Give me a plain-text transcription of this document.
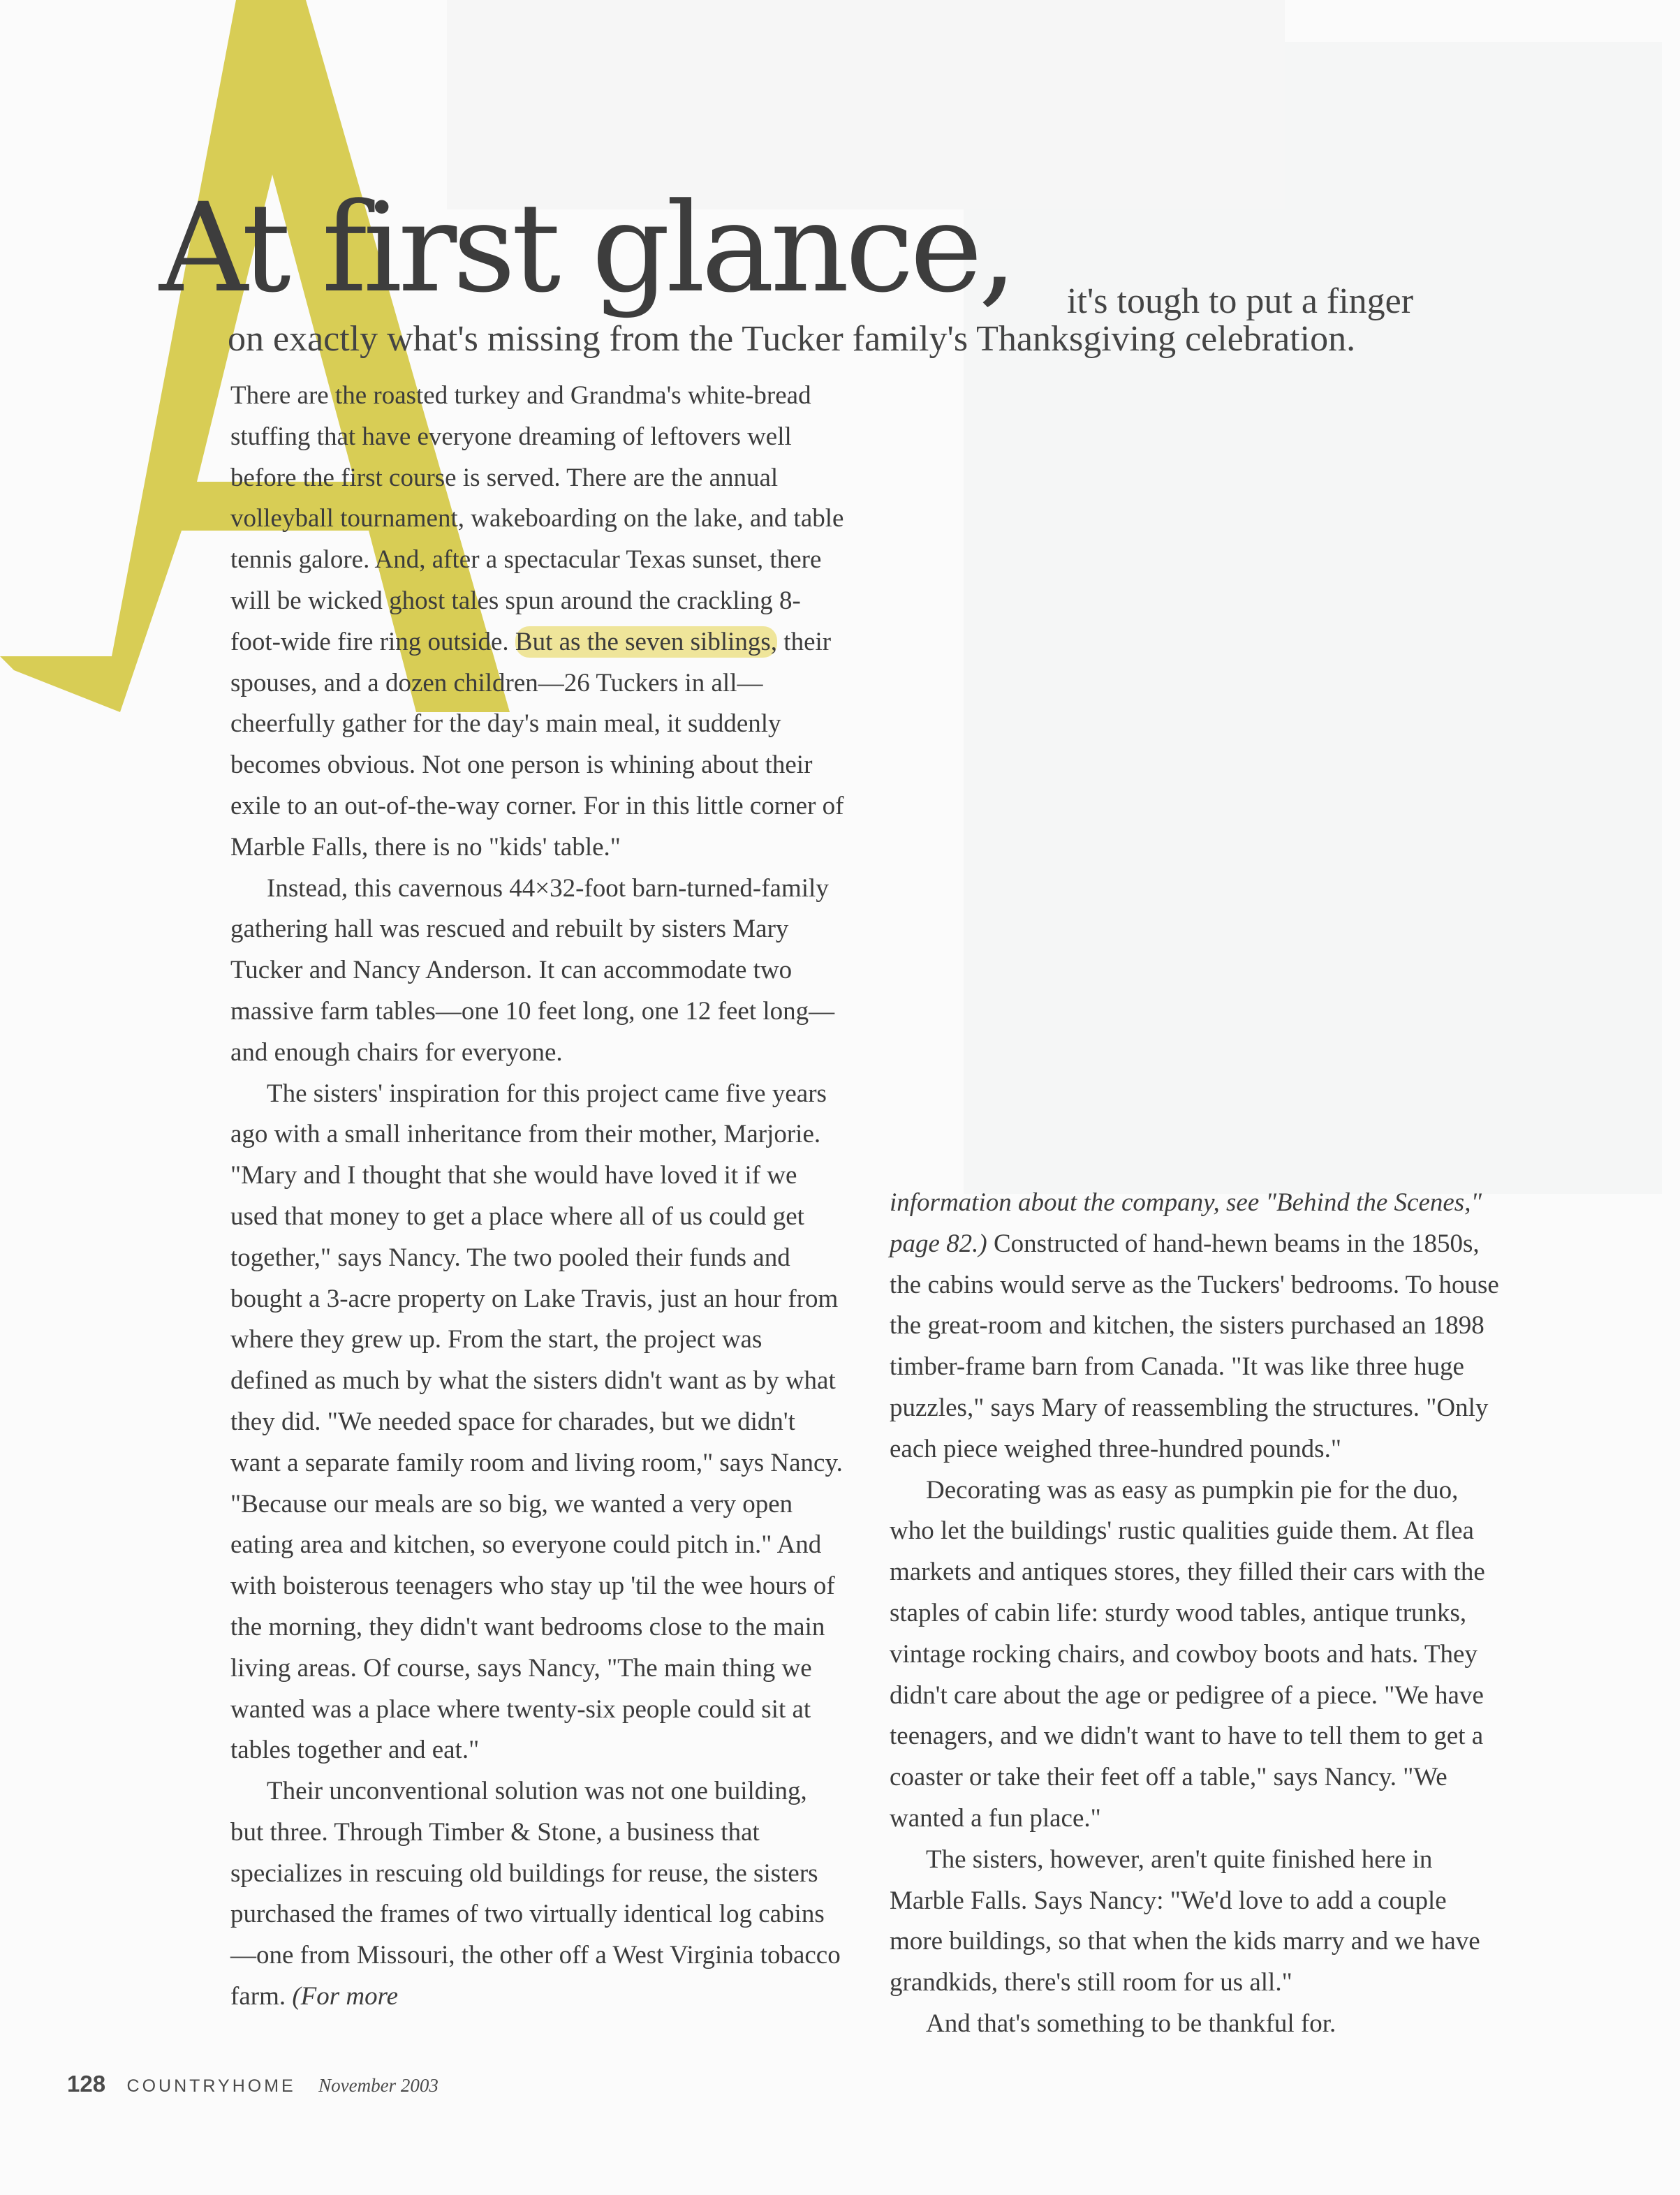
At first glance, it's tough to put a finger
on exactly what's missing from the Tucker family's Thanksgiving celebration.

There are the roasted turkey and Grandma's white-bread stuffing that have everyone dreaming of leftovers well before the first course is served. There are the annual volleyball tournament, wakeboarding on the lake, and table tennis galore. And, after a spectacular Texas sunset, there will be wicked ghost tales spun around the crackling 8-foot-wide fire ring outside. But as the seven siblings, their spouses, and a dozen children—26 Tuckers in all—cheerfully gather for the day's main meal, it suddenly becomes obvious. Not one person is whining about their exile to an out-of-the-way corner. For in this little corner of Marble Falls, there is no "kids' table."

Instead, this cavernous 44×32-foot barn-turned-family gathering hall was rescued and rebuilt by sisters Mary Tucker and Nancy Anderson. It can accommodate two massive farm tables—one 10 feet long, one 12 feet long—and enough chairs for everyone.

The sisters' inspiration for this project came five years ago with a small inheritance from their mother, Marjorie. "Mary and I thought that she would have loved it if we used that money to get a place where all of us could get together," says Nancy. The two pooled their funds and bought a 3-acre property on Lake Travis, just an hour from where they grew up. From the start, the project was defined as much by what the sisters didn't want as by what they did. "We needed space for charades, but we didn't want a separate family room and living room," says Nancy. "Because our meals are so big, we wanted a very open eating area and kitchen, so everyone could pitch in." And with boisterous teenagers who stay up 'til the wee hours of the morning, they didn't want bedrooms close to the main living areas. Of course, says Nancy, "The main thing we wanted was a place where twenty-six people could sit at tables together and eat."

Their unconventional solution was not one building, but three. Through Timber & Stone, a business that specializes in rescuing old buildings for reuse, the sisters purchased the frames of two virtually identical log cabins—one from Missouri, the other off a West Virginia tobacco farm. (For more

information about the company, see "Behind the Scenes," page 82.) Constructed of hand-hewn beams in the 1850s, the cabins would serve as the Tuckers' bedrooms. To house the great-room and kitchen, the sisters purchased an 1898 timber-frame barn from Canada. "It was like three huge puzzles," says Mary of reassembling the structures. "Only each piece weighed three-hundred pounds."

Decorating was as easy as pumpkin pie for the duo, who let the buildings' rustic qualities guide them. At flea markets and antiques stores, they filled their cars with the staples of cabin life: sturdy wood tables, antique trunks, vintage rocking chairs, and cowboy boots and hats. They didn't care about the age or pedigree of a piece. "We have teenagers, and we didn't want to have to tell them to get a coaster or take their feet off a table," says Nancy. "We wanted a fun place."

The sisters, however, aren't quite finished here in Marble Falls. Says Nancy: "We'd love to add a couple more buildings, so that when the kids marry and we have grandkids, there's still room for us all."

And that's something to be thankful for.

128 COUNTRYHOME November 2003
